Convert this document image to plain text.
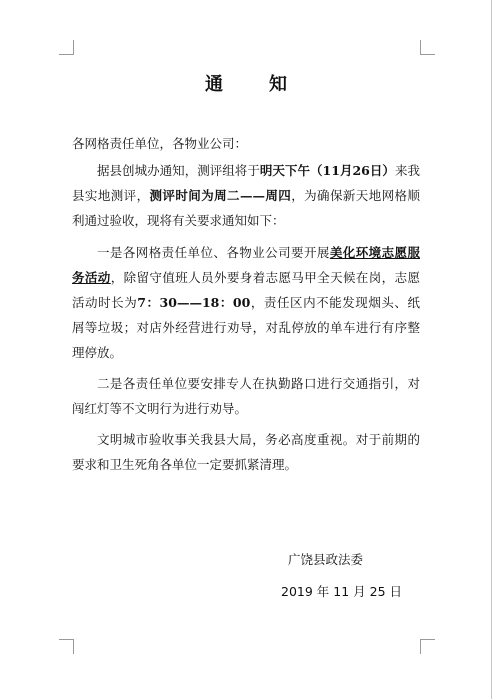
通　知
各网格责任单位，各物业公司：

据县创城办通知，测评组将于明天下午（11月26日）来我县实地测评，测评时间为周二——周四，为确保新天地网格顺利通过验收，现将有关要求通知如下：

一是各网格责任单位、各物业公司要开展美化环境志愿服务活动，除留守值班人员外要身着志愿马甲全天候在岗，志愿活动时长为7：30——18：00，责任区内不能发现烟头、纸屑等垃圾；对店外经营进行劝导，对乱停放的单车进行有序整理停放。

二是各责任单位要安排专人在执勤路口进行交通指引，对闯红灯等不文明行为进行劝导。

文明城市验收事关我县大局，务必高度重视。对于前期的要求和卫生死角各单位一定要抓紧清理。

广饶县政法委
2019 年 11 月 25 日
